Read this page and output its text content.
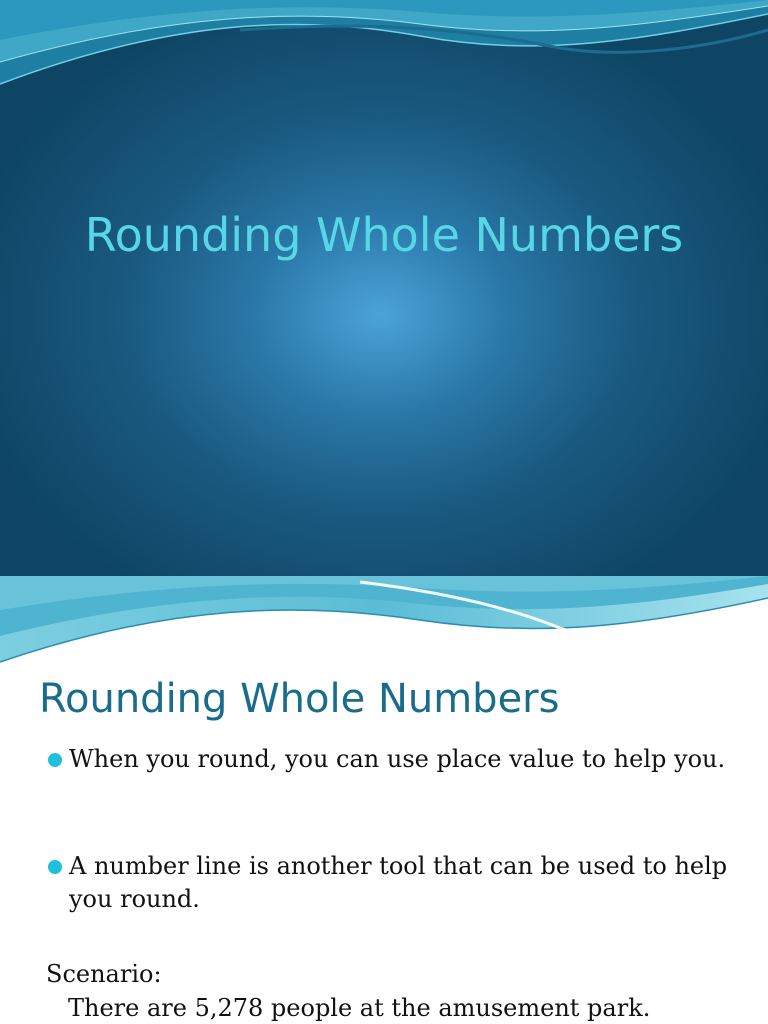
Rounding Whole Numbers
Rounding Whole Numbers
When you round, you can use place value to help you.
A number line is another tool that can be used to help you round.
Scenario:
There are 5,278 people at the amusement park.
